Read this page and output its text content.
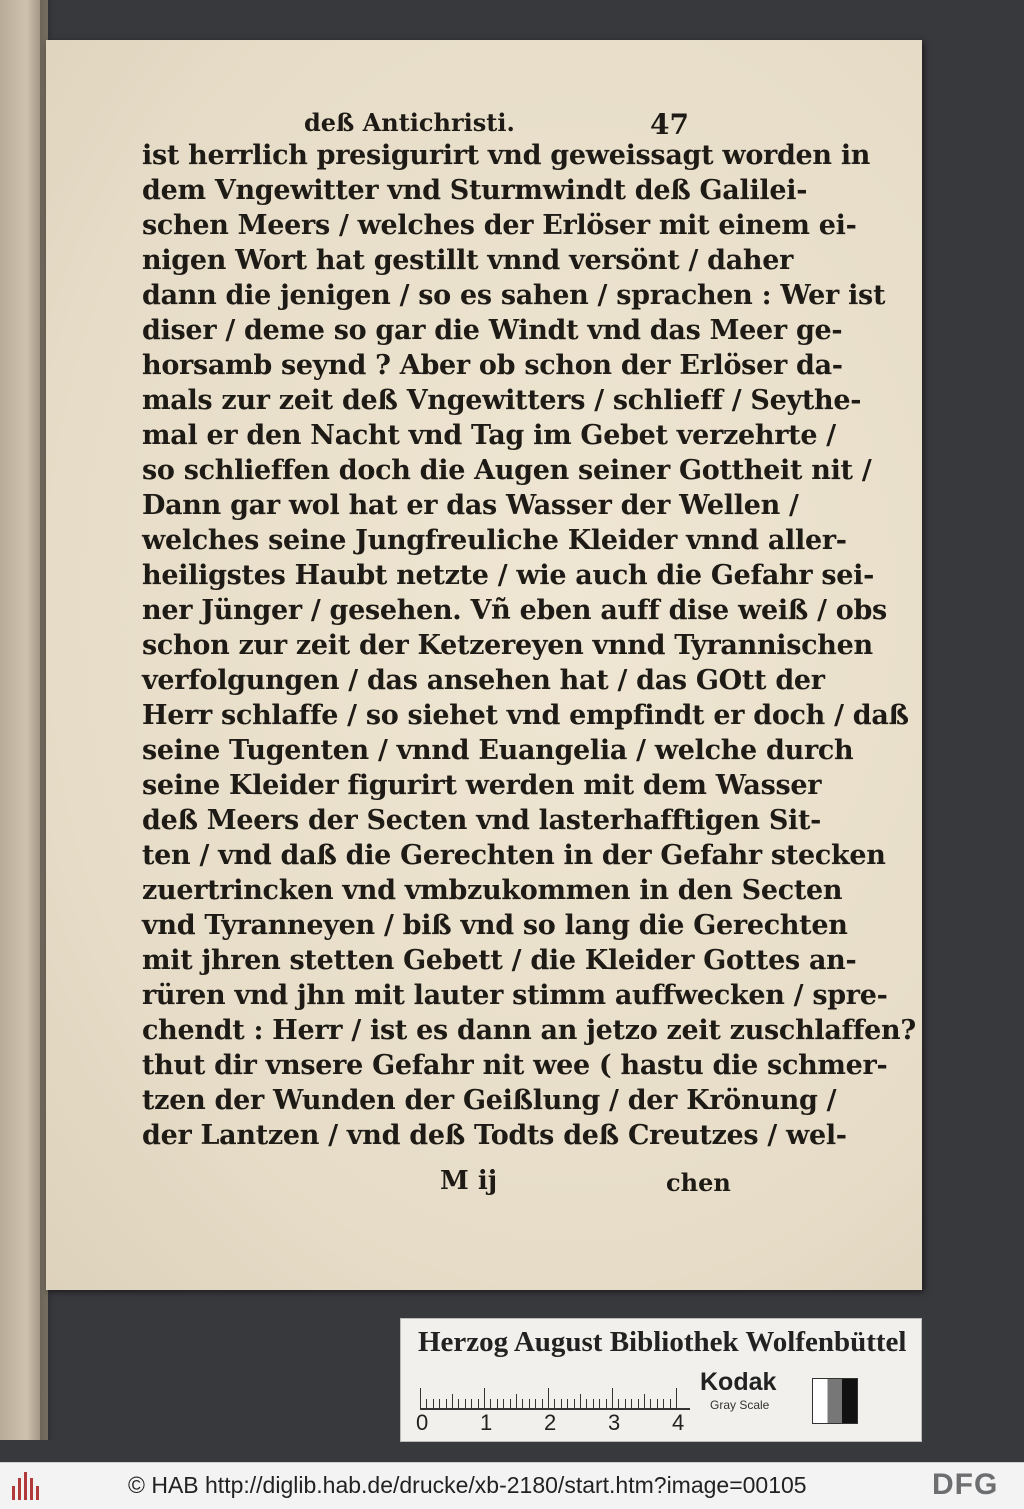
deß Antichristi.	47
ist herrlich presigurirt vnd geweissagt worden in
dem Vngewitter vnd Sturmwindt deß Galilei-
schen Meers / welches der Erlöser mit einem ei-
nigen Wort hat gestillt vnnd versönt / daher
dann die jenigen / so es sahen / sprachen : Wer ist
diser / deme so gar die Windt vnd das Meer ge-
horsamb seynd ? Aber ob schon der Erlöser da-
mals zur zeit deß Vngewitters / schlieff / Seythe-
mal er den Nacht vnd Tag im Gebet verzehrte /
so schlieffen doch die Augen seiner Gottheit nit /
Dann gar wol hat er das Wasser der Wellen /
welches seine Jungfreuliche Kleider vnnd aller-
heiligstes Haubt netzte / wie auch die Gefahr sei-
ner Jünger / gesehen. Vñ eben auff dise weiß / obs
schon zur zeit der Ketzereyen vnnd Tyrannischen
verfolgungen / das ansehen hat / das GOtt der
Herr schlaffe / so siehet vnd empfindt er doch / daß
seine Tugenten / vnnd Euangelia / welche durch
seine Kleider figurirt werden mit dem Wasser
deß Meers der Secten vnd lasterhafftigen Sit-
ten / vnd daß die Gerechten in der Gefahr stecken
zuertrincken vnd vmbzukommen in den Secten
vnd Tyranneyen / biß vnd so lang die Gerechten
mit jhren stetten Gebett / die Kleider Gottes an-
rüren vnd jhn mit lauter stimm auffwecken / spre-
chendt : Herr / ist es dann an jetzo zeit zuschlaffen?
thut dir vnsere Gefahr nit wee ( hastu die schmer-
tzen der Wunden der Geißlung / der Krönung /
der Lantzen / vnd deß Todts deß Creutzes / wel-
M ij	chen
Herzog August Bibliothek Wolfenbüttel
0 1 2 3 4
Kodak
Gray Scale
© HAB http://diglib.hab.de/drucke/xb-2180/start.htm?image=00105	DFG
